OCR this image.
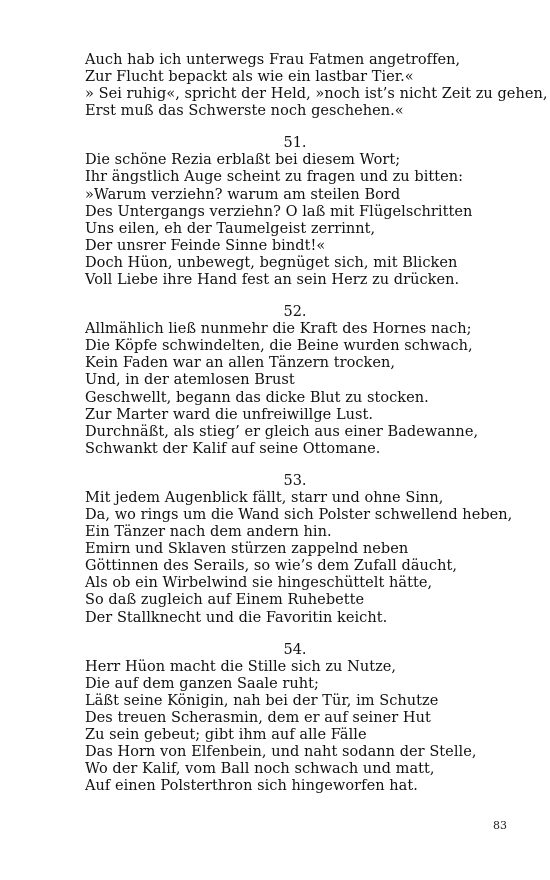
Auch hab ich unterwegs Frau Fatmen angetroffen,
Zur Flucht bepackt als wie ein lastbar Tier.«
» Sei ruhig«, spricht der Held, »noch ist’s nicht Zeit zu gehen,
Erst muß das Schwerste noch geschehen.«
51.
Die schöne Rezia erblaßt bei diesem Wort;
Ihr ängstlich Auge scheint zu fragen und zu bitten:
»Warum verziehn? warum am steilen Bord
Des Untergangs verziehn? O laß mit Flügelschritten
Uns eilen, eh der Taumelgeist zerrinnt,
Der unsrer Feinde Sinne bindt!«
Doch Hüon, unbewegt, begnüget sich, mit Blicken
Voll Liebe ihre Hand fest an sein Herz zu drücken.
52.
Allmählich ließ nunmehr die Kraft des Hornes nach;
Die Köpfe schwindelten, die Beine wurden schwach,
Kein Faden war an allen Tänzern trocken,
Und, in der atemlosen Brust
Geschwellt, begann das dicke Blut zu stocken.
Zur Marter ward die unfreiwillge Lust.
Durchnäßt, als stieg’ er gleich aus einer Badewanne,
Schwankt der Kalif auf seine Ottomane.
53.
Mit jedem Augenblick fällt, starr und ohne Sinn,
Da, wo rings um die Wand sich Polster schwellend heben,
Ein Tänzer nach dem andern hin.
Emirn und Sklaven stürzen zappelnd neben
Göttinnen des Serails, so wie’s dem Zufall däucht,
Als ob ein Wirbelwind sie hingeschüttelt hätte,
So daß zugleich auf Einem Ruhebette
Der Stallknecht und die Favoritin keicht.
54.
Herr Hüon macht die Stille sich zu Nutze,
Die auf dem ganzen Saale ruht;
Läßt seine Königin, nah bei der Tür, im Schutze
Des treuen Scherasmin, dem er auf seiner Hut
Zu sein gebeut; gibt ihm auf alle Fälle
Das Horn von Elfenbein, und naht sodann der Stelle,
Wo der Kalif, vom Ball noch schwach und matt,
Auf einen Polsterthron sich hingeworfen hat.
83
